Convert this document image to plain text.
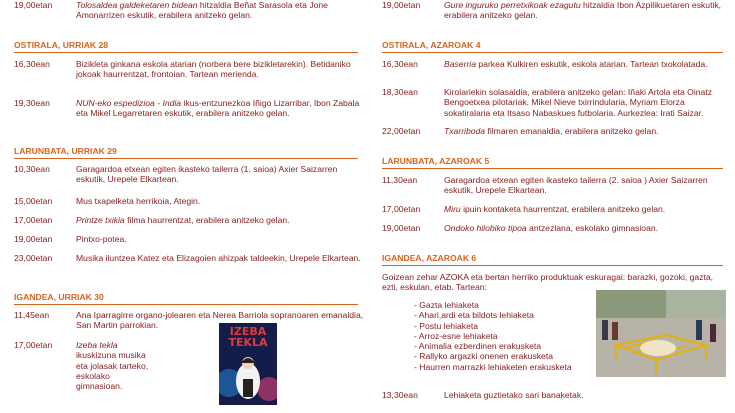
19,00etan	Tolosaldea galdeketaren bidean hitzaldia Beñat Sarasola eta Jone Amonarrizen eskutik, erabilera anitzeko gelan.
OSTIRALA, URRIAK 28
16,30ean	Bizikleta ginkana eskola atarian (norbera bere bizikletarekin). Betidaniko jokoak haurrentzat, frontoian. Tartean merienda.
19,30ean	NUN-eko espedizioa - India ikus-entzunezkoa Iñigo Lizarribar, Ibon Zabala eta Mikel Legarretaren eskutik, erabilera anitzeko gelan.
LARUNBATA, URRIAK 29
10,30ean	Garagardoa etxean egiten ikasteko tailerra (1. saioa) Axier Saizarren eskutik, Urepele Elkartean.
15,00etan	Mus txapelketa herrikoia, Ategin.
17,00etan	Printze txikia filma haurrentzat, erabilera anitzeko gelan.
19,00etan	Pintxo-potea.
23,00etan	Musika iluntzea Katez eta Elizagoien ahizpak taldeekin, Urepele Elkartean.
IGANDEA, URRIAK 30
11,45ean	Ana Iparragirre organo-jolearen eta Nerea Barriola sopranoaren emanaldia, San Martin parrokian.
17,00etan	Izeba tekla ikuskizuna musika eta jolasak tarteko, eskolako gimnasioan.
IZEBA
TEKLA
19,00etan	Gure inguruko perretxikoak ezagutu hitzaldia Ibon Azpilikuetaren eskutik, erabilera anitzeko gelan.
OSTIRALA, AZAROAK 4
16,30ean	Baserria parkea Kulkiren eskutik, eskola atarian. Tartean txokolatada.
18,30ean	Kirolariekin solasaldia, erabilera anitzeko gelan: Iñaki Artola eta Oinatz Bengoetxea pilotariak, Mikel Nieve txirrindularia, Myriam Elorza sokatiralaria eta Itsaso Nabaskues futbolaria. Aurkezlea: Irati Saizar.
22,00etan	Txarriboda filmaren emanaldia, erabilera anitzeko gelan.
LARUNBATA, AZAROAK 5
11,30ean	Garagardoa etxean egiten ikasteko tailerra (2. saioa ) Axier Saizarren eskutik, Urepele Elkartean.
17,00etan	Miru ipuin kontaketa haurrentzat, erabilera anitzeko gelan.
19,00etan	Ondoko hilobiko tipoa antzezlana, eskolako gimnasioan.
IGANDEA, AZAROAK 6
Goizean zehar AZOKA eta bertan herriko produktuak eskuragai: barazki, gozoki, gazta, ezti, eskulan, etab. Tartean:
- Gazta lehiaketa
- Ahari,ardi eta bildots lehiaketa
- Postu lehiaketa
- Arroz-esne lehiaketa
- Animalia ezberdinen erakusketa
- Rallyko argazki onenen erakusketa
- Haurren marrazki lehiaketen erakusketa
13,30ean	Lehiaketa guztietako sari banaketak.
